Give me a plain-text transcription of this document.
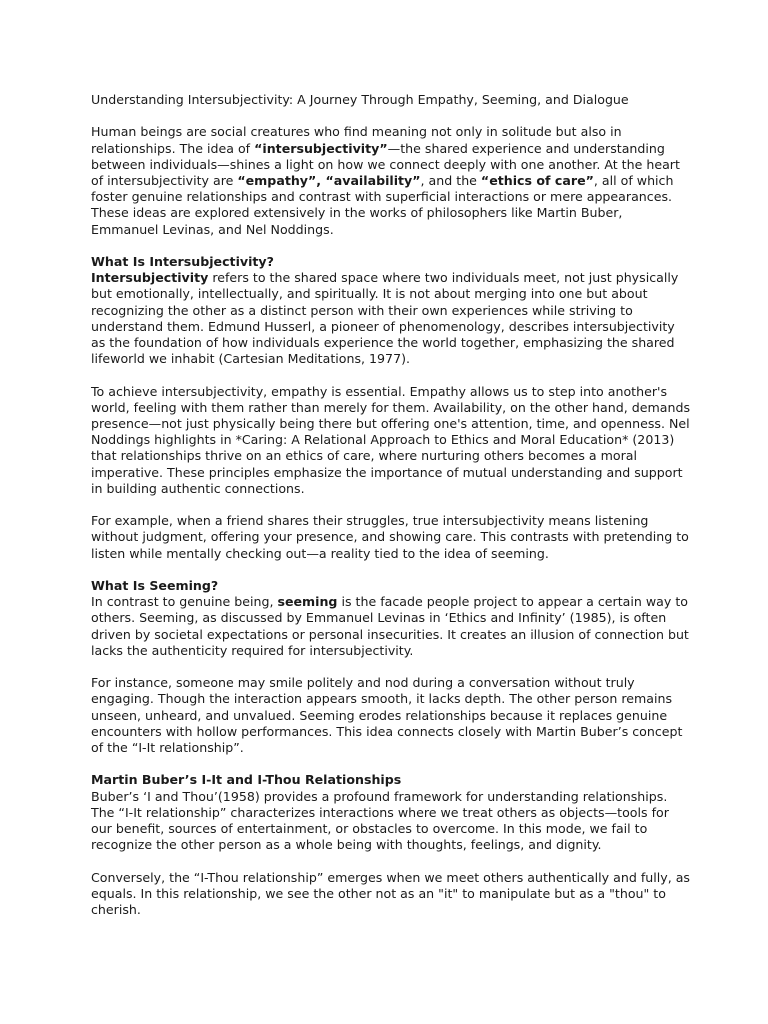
Understanding Intersubjectivity: A Journey Through Empathy, Seeming, and Dialogue

Human beings are social creatures who find meaning not only in solitude but also in relationships. The idea of “intersubjectivity”—the shared experience and understanding between individuals—shines a light on how we connect deeply with one another. At the heart of intersubjectivity are “empathy”, “availability”, and the “ethics of care”, all of which foster genuine relationships and contrast with superficial interactions or mere appearances. These ideas are explored extensively in the works of philosophers like Martin Buber, Emmanuel Levinas, and Nel Noddings.

What Is Intersubjectivity?

Intersubjectivity refers to the shared space where two individuals meet, not just physically but emotionally, intellectually, and spiritually. It is not about merging into one but about recognizing the other as a distinct person with their own experiences while striving to understand them. Edmund Husserl, a pioneer of phenomenology, describes intersubjectivity as the foundation of how individuals experience the world together, emphasizing the shared lifeworld we inhabit (Cartesian Meditations, 1977).

To achieve intersubjectivity, empathy is essential. Empathy allows us to step into another's world, feeling with them rather than merely for them. Availability, on the other hand, demands presence—not just physically being there but offering one's attention, time, and openness. Nel Noddings highlights in *Caring: A Relational Approach to Ethics and Moral Education* (2013) that relationships thrive on an ethics of care, where nurturing others becomes a moral imperative. These principles emphasize the importance of mutual understanding and support in building authentic connections.

For example, when a friend shares their struggles, true intersubjectivity means listening without judgment, offering your presence, and showing care. This contrasts with pretending to listen while mentally checking out—a reality tied to the idea of seeming.

What Is Seeming?

In contrast to genuine being, seeming is the facade people project to appear a certain way to others. Seeming, as discussed by Emmanuel Levinas in ‘Ethics and Infinity’ (1985), is often driven by societal expectations or personal insecurities. It creates an illusion of connection but lacks the authenticity required for intersubjectivity.

For instance, someone may smile politely and nod during a conversation without truly engaging. Though the interaction appears smooth, it lacks depth. The other person remains unseen, unheard, and unvalued. Seeming erodes relationships because it replaces genuine encounters with hollow performances. This idea connects closely with Martin Buber’s concept of the “I-It relationship”.

Martin Buber’s I-It and I-Thou Relationships

Buber’s ‘I and Thou’(1958) provides a profound framework for understanding relationships. The “I-It relationship” characterizes interactions where we treat others as objects—tools for our benefit, sources of entertainment, or obstacles to overcome. In this mode, we fail to recognize the other person as a whole being with thoughts, feelings, and dignity.

Conversely, the “I-Thou relationship” emerges when we meet others authentically and fully, as equals. In this relationship, we see the other not as an "it" to manipulate but as a "thou" to cherish.
